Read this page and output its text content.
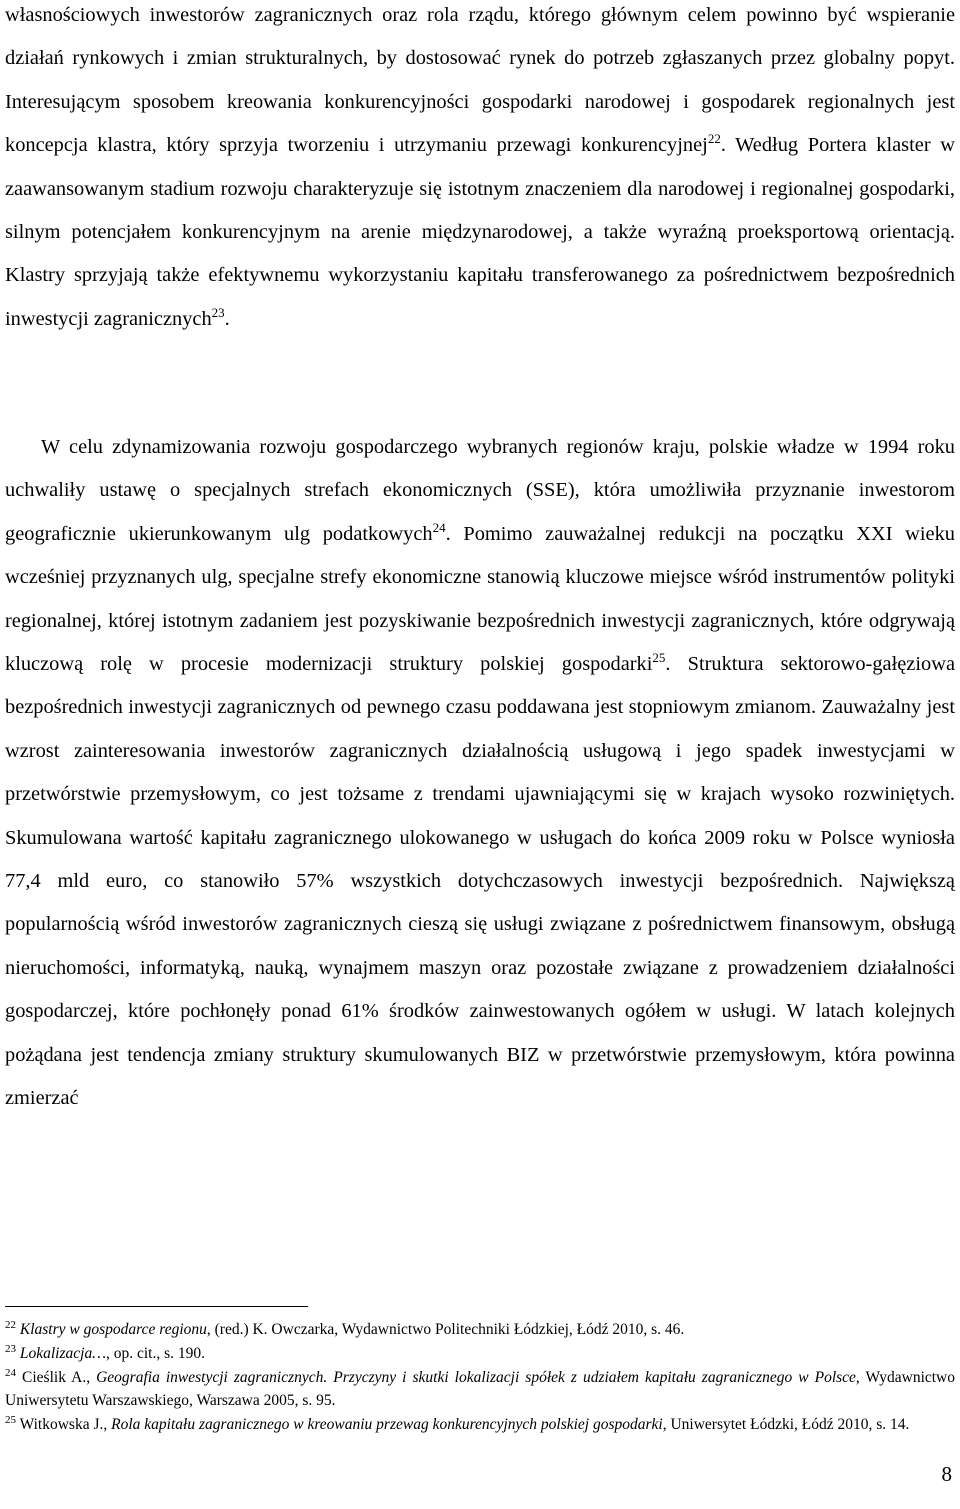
własnościowych inwestorów zagranicznych oraz rola rządu, którego głównym celem powinno być wspieranie działań rynkowych i zmian strukturalnych, by dostosować rynek do potrzeb zgłaszanych przez globalny popyt. Interesującym sposobem kreowania konkurencyjności gospodarki narodowej i gospodarek regionalnych jest koncepcja klastra, który sprzyja tworzeniu i utrzymaniu przewagi konkurencyjnej$^{22}$. Według Portera klaster w zaawansowanym stadium rozwoju charakteryzuje się istotnym znaczeniem dla narodowej i regionalnej gospodarki, silnym potencjałem konkurencyjnym na arenie międzynarodowej, a także wyraźną proeksportową orientacją. Klastry sprzyjają także efektywnemu wykorzystaniu kapitału transferowanego za pośrednictwem bezpośrednich inwestycji zagranicznych$^{23}$.

W celu zdynamizowania rozwoju gospodarczego wybranych regionów kraju, polskie władze w 1994 roku uchwaliły ustawę o specjalnych strefach ekonomicznych (SSE), która umożliwiła przyznanie inwestorom geograficznie ukierunkowanym ulg podatkowych$^{24}$. Pomimo zauważalnej redukcji na początku XXI wieku wcześniej przyznanych ulg, specjalne strefy ekonomiczne stanowią kluczowe miejsce wśród instrumentów polityki regionalnej, której istotnym zadaniem jest pozyskiwanie bezpośrednich inwestycji zagranicznych, które odgrywają kluczową rolę w procesie modernizacji struktury polskiej gospodarki$^{25}$. Struktura sektorowo-gałęziowa bezpośrednich inwestycji zagranicznych od pewnego czasu poddawana jest stopniowym zmianom. Zauważalny jest wzrost zainteresowania inwestorów zagranicznych działalnością usługową i jego spadek inwestycjami w przetwórstwie przemysłowym, co jest tożsame z trendami ujawniającymi się w krajach wysoko rozwiniętych. Skumulowana wartość kapitału zagranicznego ulokowanego w usługach do końca 2009 roku w Polsce wyniosła 77,4 mld euro, co stanowiło 57% wszystkich dotychczasowych inwestycji bezpośrednich. Największą popularnością wśród inwestorów zagranicznych cieszą się usługi związane z pośrednictwem finansowym, obsługą nieruchomości, informatyką, nauką, wynajmem maszyn oraz pozostałe związane z prowadzeniem działalności gospodarczej, które pochłonęły ponad 61% środków zainwestowanych ogółem w usługi. W latach kolejnych pożądana jest tendencja zmiany struktury skumulowanych BIZ w przetwórstwie przemysłowym, która powinna zmierzać

$^{22}$ Klastry w gospodarce regionu, (red.) K. Owczarka, Wydawnictwo Politechniki Łódzkiej, Łódź 2010, s. 46.

$^{23}$ Lokalizacja…, op. cit., s. 190.

$^{24}$ Cieślik A., Geografia inwestycji zagranicznych. Przyczyny i skutki lokalizacji spółek z udziałem kapitału zagranicznego w Polsce, Wydawnictwo Uniwersytetu Warszawskiego, Warszawa 2005, s. 95.

$^{25}$ Witkowska J., Rola kapitału zagranicznego w kreowaniu przewag konkurencyjnych polskiej gospodarki, Uniwersytet Łódzki, Łódź 2010, s. 14.

8
